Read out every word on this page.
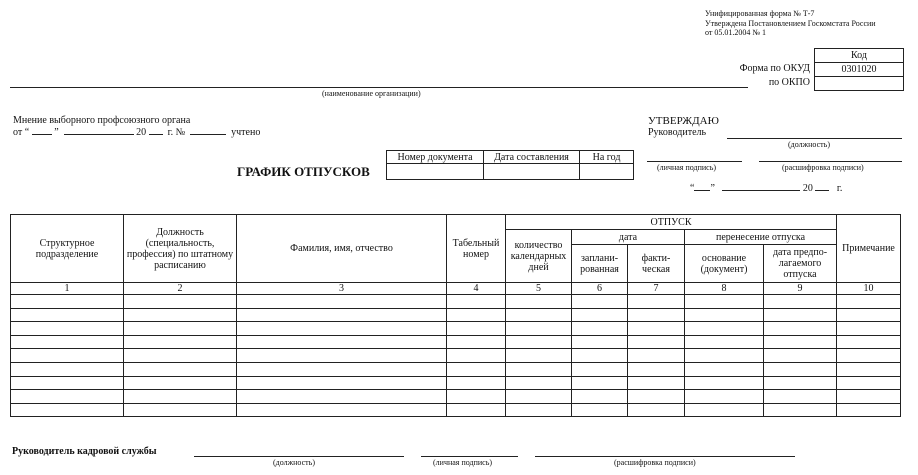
Унифицированная форма № Т-7
Утверждена Постановлением Госкомстата России
от 05.01.2004 № 1
Код
0301020

Форма по ОКУД
по ОКПО
(наименование организации)
Мнение выборного профсоюзного органа
от “	”	20 г. №	учтено
УТВЕРЖДАЮ
Руководитель
(должность)
(личная подпись)	(расшифровка подписи)
“ ”	20 г.
ГРАФИК ОТПУСКОВ
Номер документа	Дата составления	На год

Структурное подразделение	Должность (специальность, профессия) по штатному расписанию	Фамилия, имя, отчество	Табельный номер	ОТПУСК					Примечание
				количество календарных дней	дата		перенесение отпуска		
					заплани-рованная	факти-ческая	основание (документ)	дата предпо-лагаемого отпуска	
1	2	3	4	5	6	7	8	9	10

Руководитель кадровой службы
(должность)	(личная подпись)	(расшифровка подписи)
